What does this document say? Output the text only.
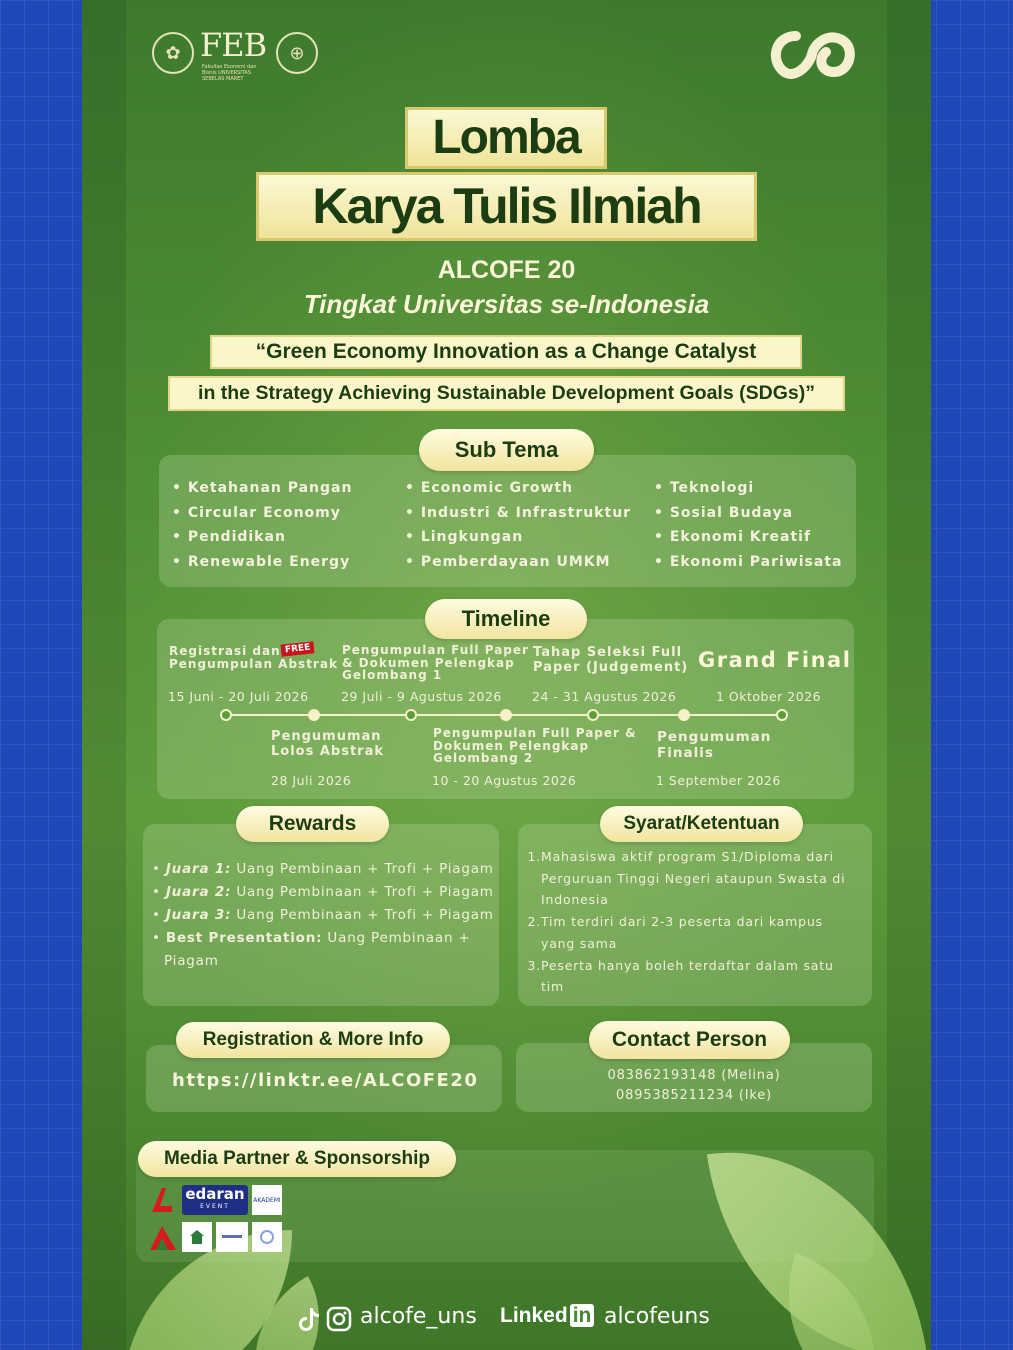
✿ FEB
Fakultas Ekonomi dan Bisnis UNIVERSITAS SEBELAS MARET
⊕
Lomba
Karya Tulis Ilmiah
ALCOFE 20
Tingkat Universitas se-Indonesia
“Green Economy Innovation as a Change Catalyst
in the Strategy Achieving Sustainable Development Goals (SDGs)”
Sub Tema
• Ketahanan Pangan
• Circular Economy
• Pendidikan
• Renewable Energy
• Economic Growth
• Industri & Infrastruktur
• Lingkungan
• Pemberdayaan UMKM
• Teknologi
• Sosial Budaya
• Ekonomi Kreatif
• Ekonomi Pariwisata
Timeline
Registrasi dan
Pengumpulan Abstrak
FREE
15 Juni - 20 Juli 2026
Pengumpulan Full Paper
& Dokumen Pelengkap
Gelombang 1
29 Juli - 9 Agustus 2026
Tahap Seleksi Full
Paper (Judgement)
24 - 31 Agustus 2026
Grand Final
1 Oktober 2026
Pengumuman
Lolos Abstrak
28 Juli 2026
Pengumpulan Full Paper &
Dokumen Pelengkap
Gelombang 2
10 - 20 Agustus 2026
Pengumuman
Finalis
1 September 2026
Rewards
• Juara 1: Uang Pembinaan + Trofi + Piagam
• Juara 2: Uang Pembinaan + Trofi + Piagam
• Juara 3: Uang Pembinaan + Trofi + Piagam
• Best Presentation: Uang Pembinaan +
Piagam
Syarat/Ketentuan
1. Mahasiswa aktif program S1/Diploma dari
Perguruan Tinggi Negeri ataupun Swasta di
Indonesia
2. Tim terdiri dari 2-3 peserta dari kampus
yang sama
3. Peserta hanya boleh terdaftar dalam satu
tim
Registration & More Info
https://linktr.ee/ALCOFE20
Contact Person
083862193148 (Melina)
0895385211234 (Ike)
Media Partner & Sponsorship
edaran
EVENT
AKADEMI
alcofe_uns Linked in alcofeuns
